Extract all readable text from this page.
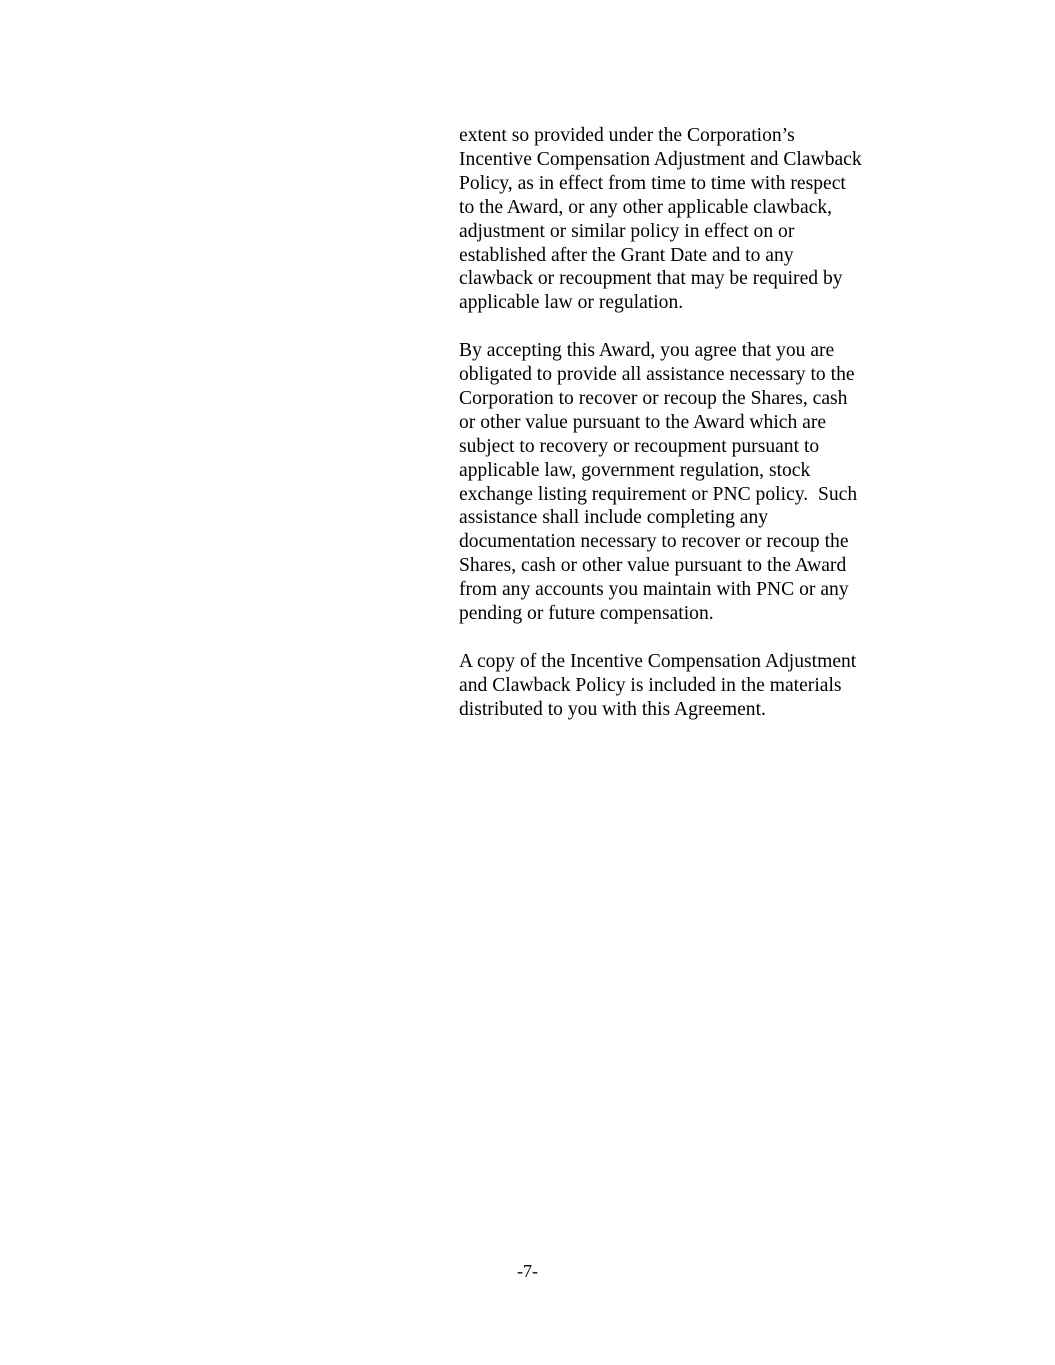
extent so provided under the Corporation’s
Incentive Compensation Adjustment and Clawback
Policy, as in effect from time to time with respect
to the Award, or any other applicable clawback,
adjustment or similar policy in effect on or
established after the Grant Date and to any
clawback or recoupment that may be required by
applicable law or regulation.

By accepting this Award, you agree that you are
obligated to provide all assistance necessary to the
Corporation to recover or recoup the Shares, cash
or other value pursuant to the Award which are
subject to recovery or recoupment pursuant to
applicable law, government regulation, stock
exchange listing requirement or PNC policy.  Such
assistance shall include completing any
documentation necessary to recover or recoup the
Shares, cash or other value pursuant to the Award
from any accounts you maintain with PNC or any
pending or future compensation.

A copy of the Incentive Compensation Adjustment
and Clawback Policy is included in the materials
distributed to you with this Agreement.

-7-
